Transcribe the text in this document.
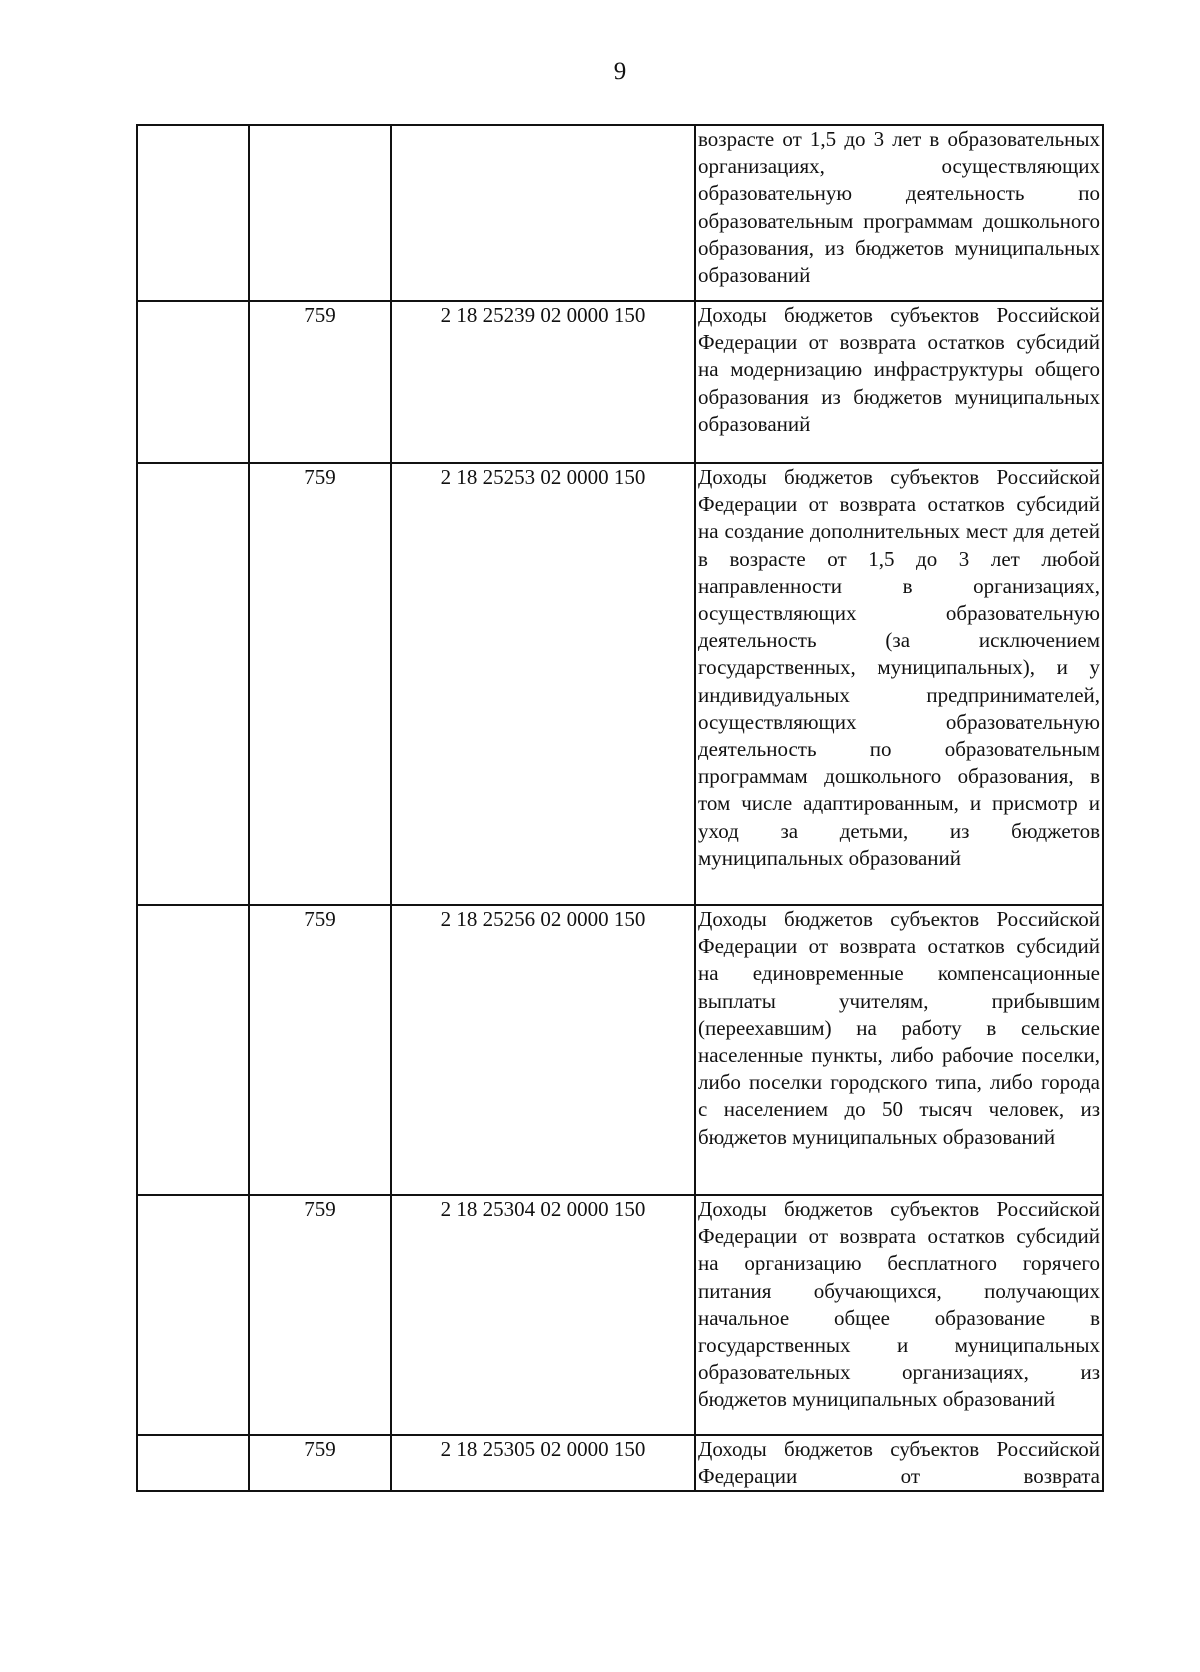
9
			возрасте от 1,5 до 3 лет в образовательных организациях, осуществляющих образовательную деятельность по образовательным программам дошкольного образования, из бюджетов муниципальных образований
	759	2 18 25239 02 0000 150	Доходы бюджетов субъектов Российской Федерации от возврата остатков субсидий на модернизацию инфраструктуры общего образования из бюджетов муниципальных образований
	759	2 18 25253 02 0000 150	Доходы бюджетов субъектов Российской Федерации от возврата остатков субсидий на создание дополнительных мест для детей в возрасте от 1,5 до 3 лет любой направленности в организациях, осуществляющих образовательную деятельность (за исключением государственных, муниципальных), и у индивидуальных предпринимателей, осуществляющих образовательную деятельность по образовательным программам дошкольного образования, в том числе адаптированным, и присмотр и уход за детьми, из бюджетов муниципальных образований
	759	2 18 25256 02 0000 150	Доходы бюджетов субъектов Российской Федерации от возврата остатков субсидий на единовременные компенсационные выплаты учителям, прибывшим (переехавшим) на работу в сельские населенные пункты, либо рабочие поселки, либо поселки городского типа, либо города с населением до 50 тысяч человек, из бюджетов муниципальных образований
	759	2 18 25304 02 0000 150	Доходы бюджетов субъектов Российской Федерации от возврата остатков субсидий на организацию бесплатного горячего питания обучающихся, получающих начальное общее образование в государственных и муниципальных образовательных организациях, из бюджетов муниципальных образований
	759	2 18 25305 02 0000 150	Доходы бюджетов субъектов Российской Федерации от возврата
